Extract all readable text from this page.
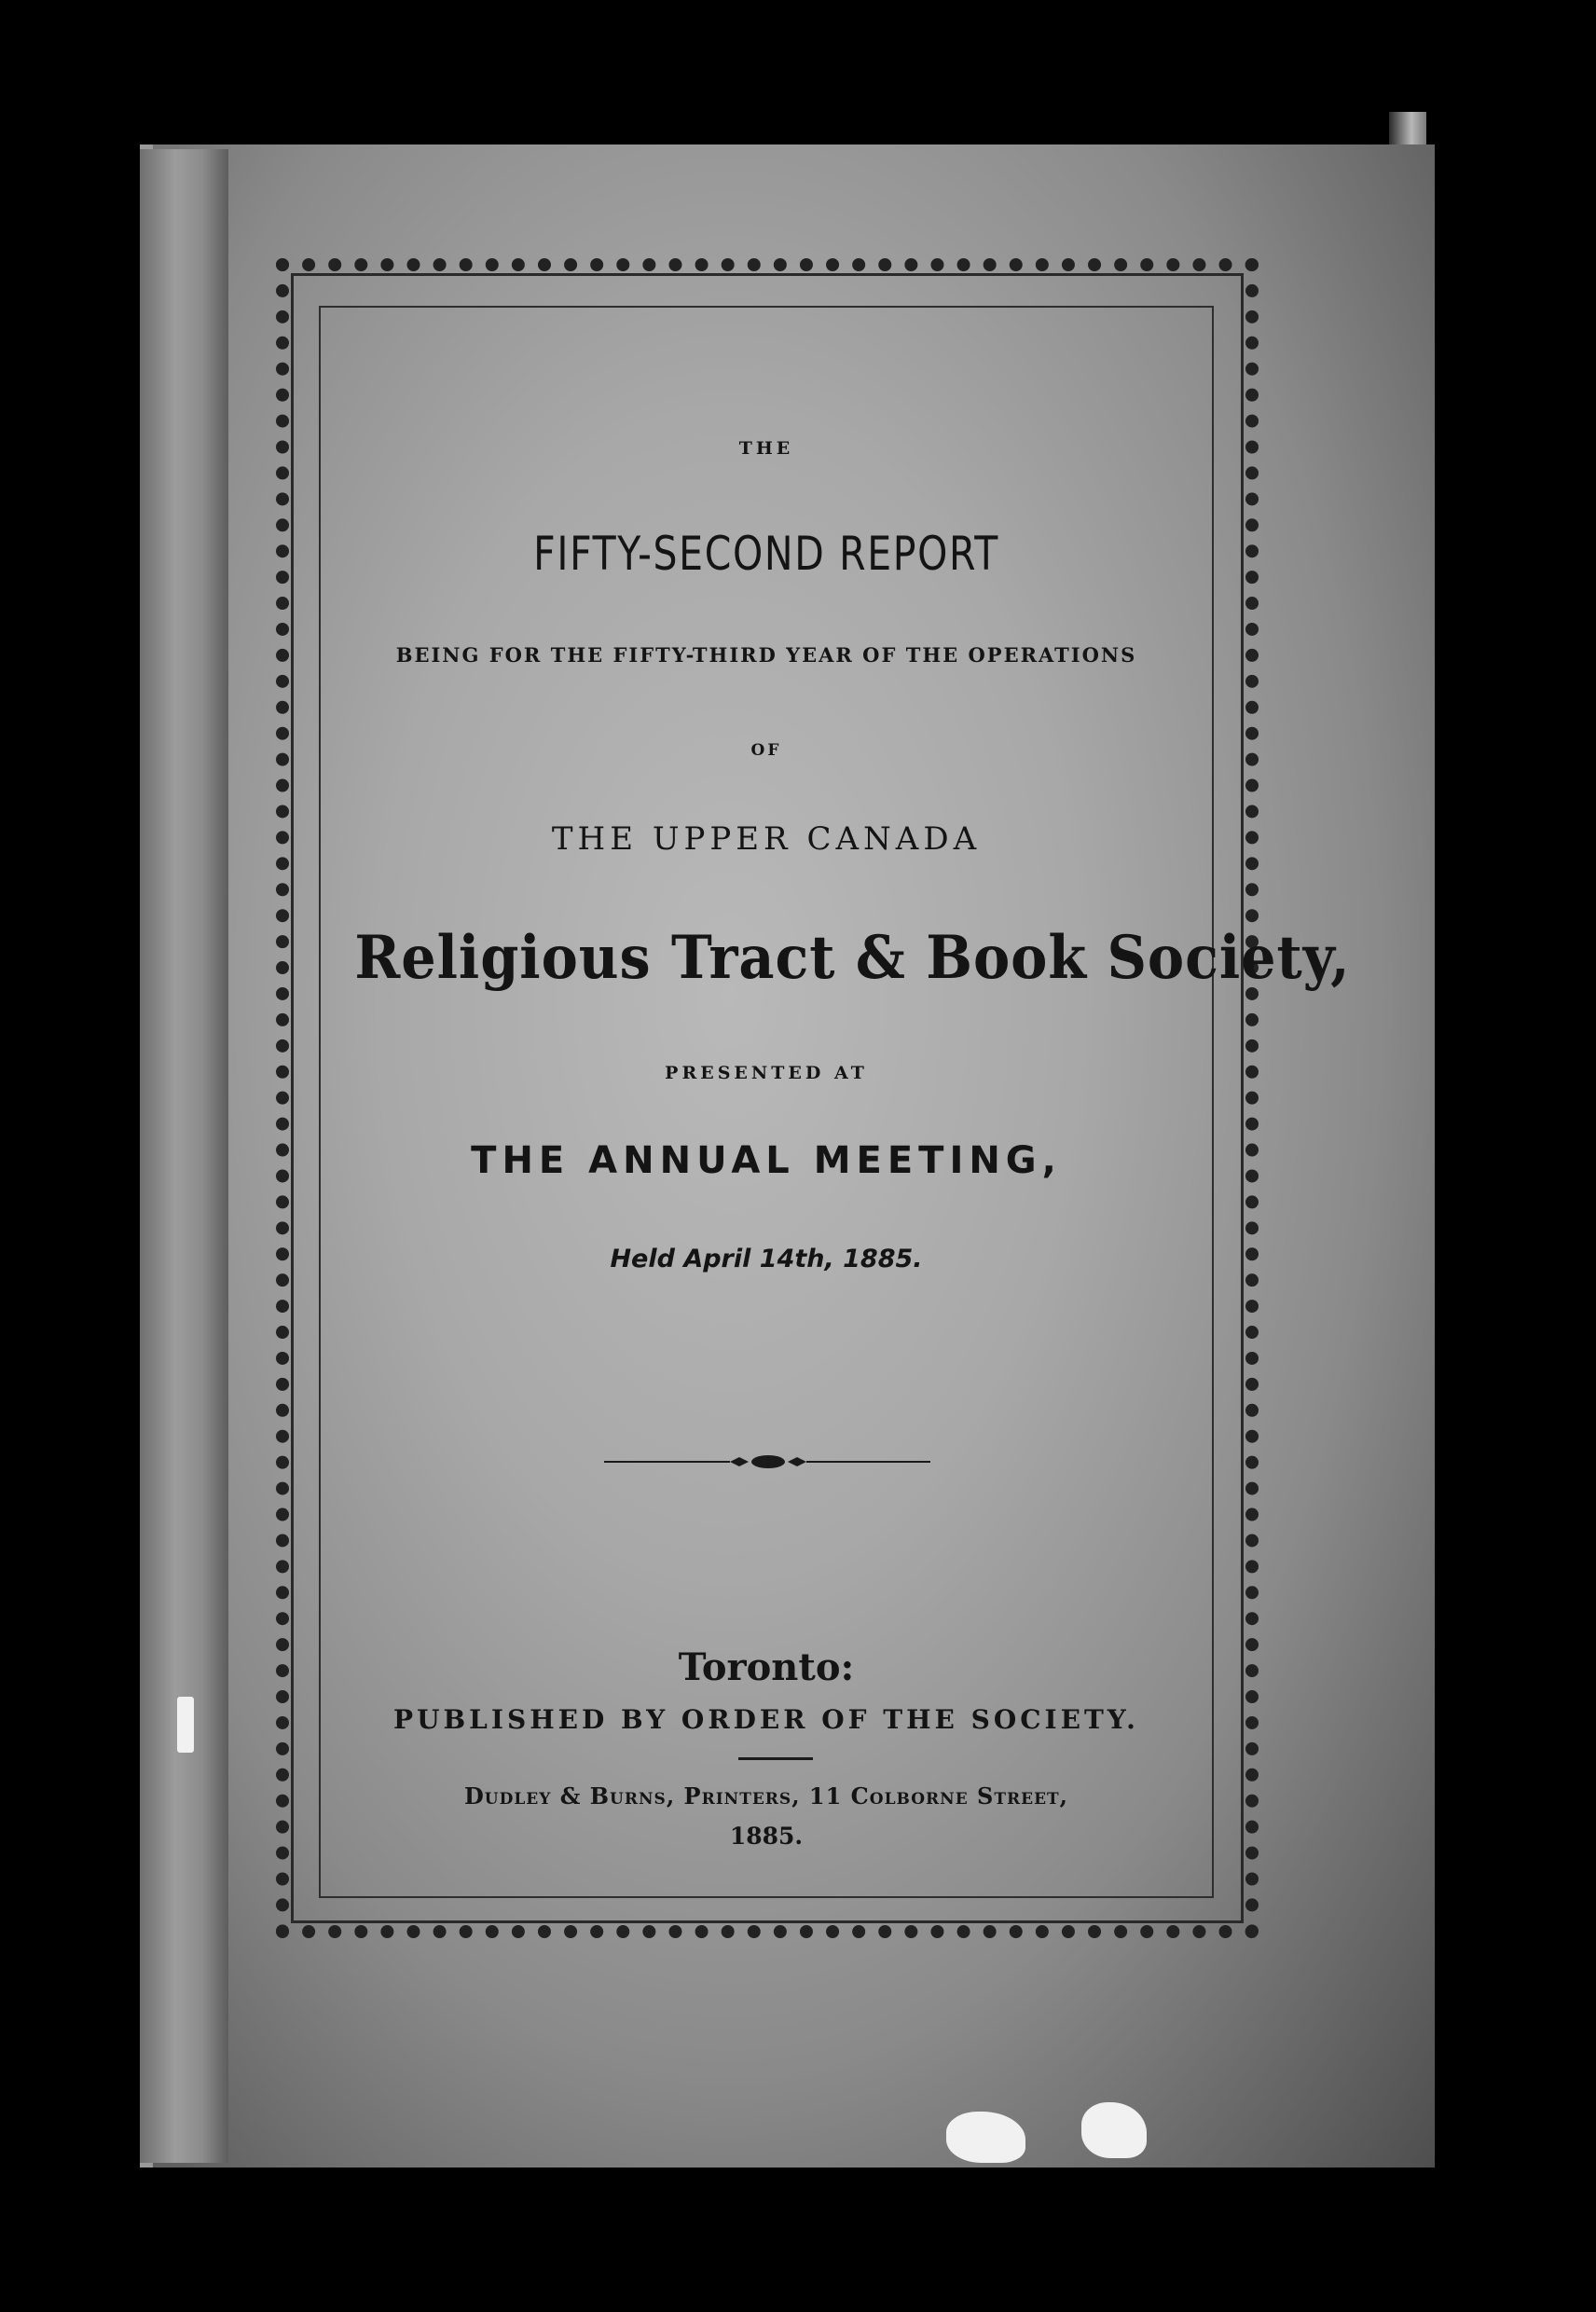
THE
FIFTY-SECOND REPORT
BEING FOR THE FIFTY-THIRD YEAR OF THE OPERATIONS
OF
THE UPPER CANADA
Religious Tract & Book Society,
PRESENTED AT
THE ANNUAL MEETING,
Held April 14th, 1885.
Toronto:
PUBLISHED BY ORDER OF THE SOCIETY.
Dudley & Burns, Printers, 11 Colborne Street,
1885.
